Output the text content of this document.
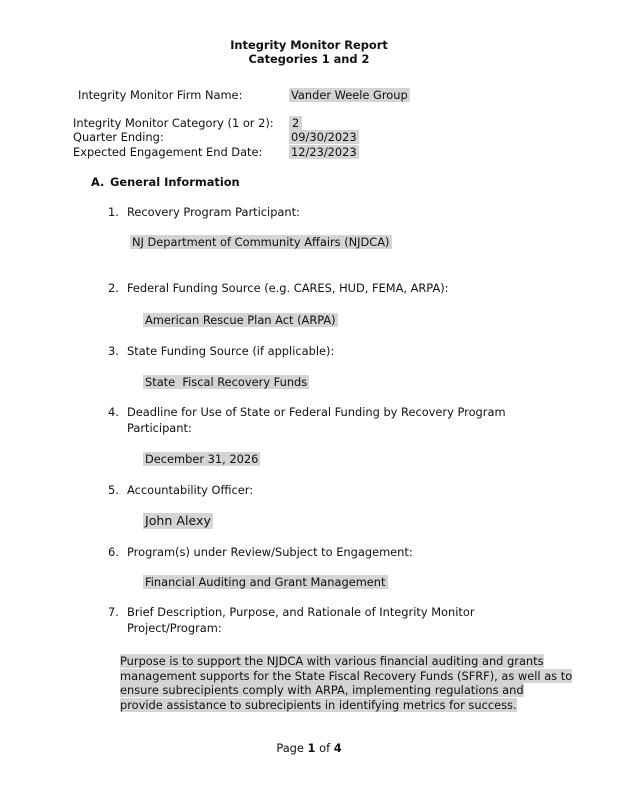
Integrity Monitor Report
Categories 1 and 2
Integrity Monitor Firm Name:	Vander Weele Group
Integrity Monitor Category (1 or 2): 2
Quarter Ending:	09/30/2023
Expected Engagement End Date:	12/23/2023
A. General Information
1. Recovery Program Participant:
NJ Department of Community Affairs (NJDCA)
2. Federal Funding Source (e.g. CARES, HUD, FEMA, ARPA):
American Rescue Plan Act (ARPA)
3. State Funding Source (if applicable):
State  Fiscal Recovery Funds
4. Deadline for Use of State or Federal Funding by Recovery Program
Participant:
December 31, 2026
5. Accountability Officer:
John Alexy
6. Program(s) under Review/Subject to Engagement:
Financial Auditing and Grant Management
7. Brief Description, Purpose, and Rationale of Integrity Monitor
Project/Program:
Purpose is to support the NJDCA with various financial auditing and grants
management supports for the State Fiscal Recovery Funds (SFRF), as well as to
ensure subrecipients comply with ARPA, implementing regulations and
provide assistance to subrecipients in identifying metrics for success.
Page 1 of 4
